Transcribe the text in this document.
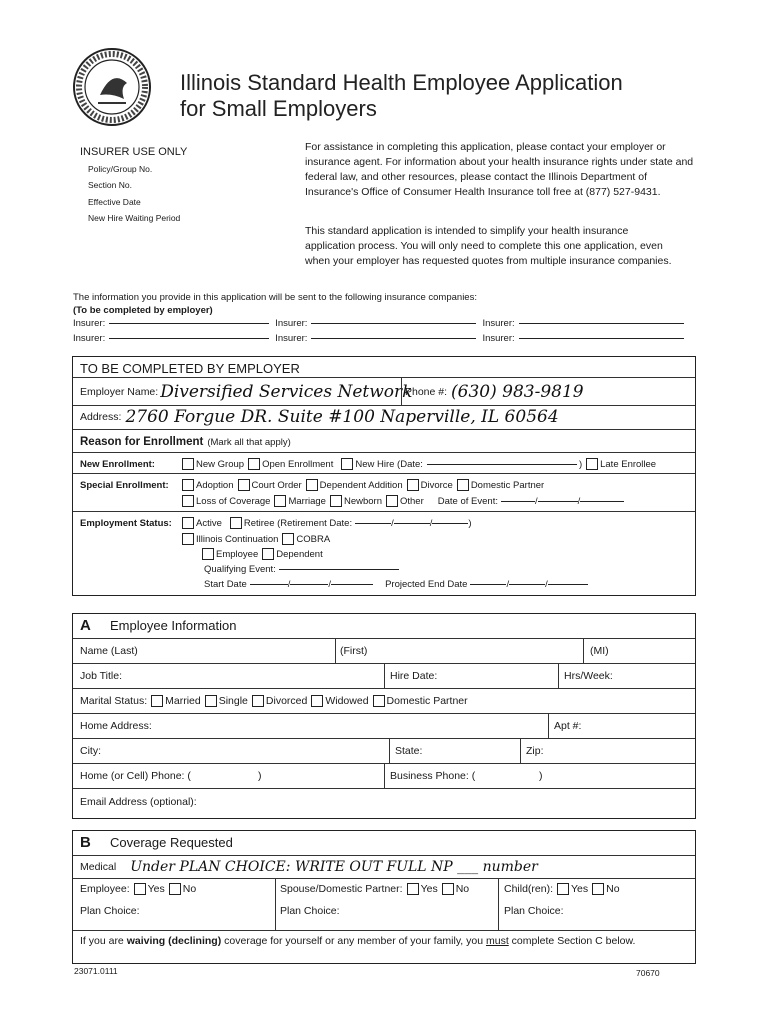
Illinois Standard Health Employee Application
for Small Employers
INSURER USE ONLY
Policy/Group No.
Section No.
Effective Date
New Hire Waiting Period
For assistance in completing this application, please contact your employer or insurance agent. For information about your health insurance rights under state and federal law, and other resources, please contact the Illinois Department of Insurance's Office of Consumer Health Insurance toll free at (877) 527-9431.
This standard application is intended to simplify your health insurance application process. You will only need to complete this one application, even when your employer has requested quotes from multiple insurance companies.
The information you provide in this application will be sent to the following insurance companies:
(To be completed by employer)
Insurer:	Insurer:	Insurer:
Insurer:	Insurer:	Insurer:
TO BE COMPLETED BY EMPLOYER
Employer Name: Diversified Services Network
Phone #: (630) 983-9819
Address: 2760 Forgue DR. Suite #100 Naperville, IL 60564
Reason for Enrollment (Mark all that apply)
New Enrollment:	New Group Open Enrollment New Hire (Date:	) Late Enrollee
Special Enrollment:	Adoption Court Order Dependent Addition Divorce Domestic Partner
Loss of Coverage Marriage Newborn Other Date of Event:	/	/
Employment Status:	Active Retiree (Retirement Date:	/	/	)
Illinois Continuation COBRA
Employee Dependent
Qualifying Event:
Start Date	/	/	Projected End Date	/	/
A	Employee Information
Name (Last)	(First)	(MI)
Job Title:	Hire Date:	Hrs/Week:
Marital Status: Married Single Divorced Widowed Domestic Partner
Home Address:	Apt #:
City:	State:	Zip:
Home (or Cell) Phone: (	)	Business Phone: (	)
Email Address (optional):
B	Coverage Requested
Medical Under PLAN CHOICE: WRITE OUT FULL NP ___ number
Employee: Yes No	Spouse/Domestic Partner: Yes No	Child(ren): Yes No
Plan Choice:	Plan Choice:	Plan Choice:
If you are waiving (declining) coverage for yourself or any member of your family, you must complete Section C below.
23071.0111	70670
